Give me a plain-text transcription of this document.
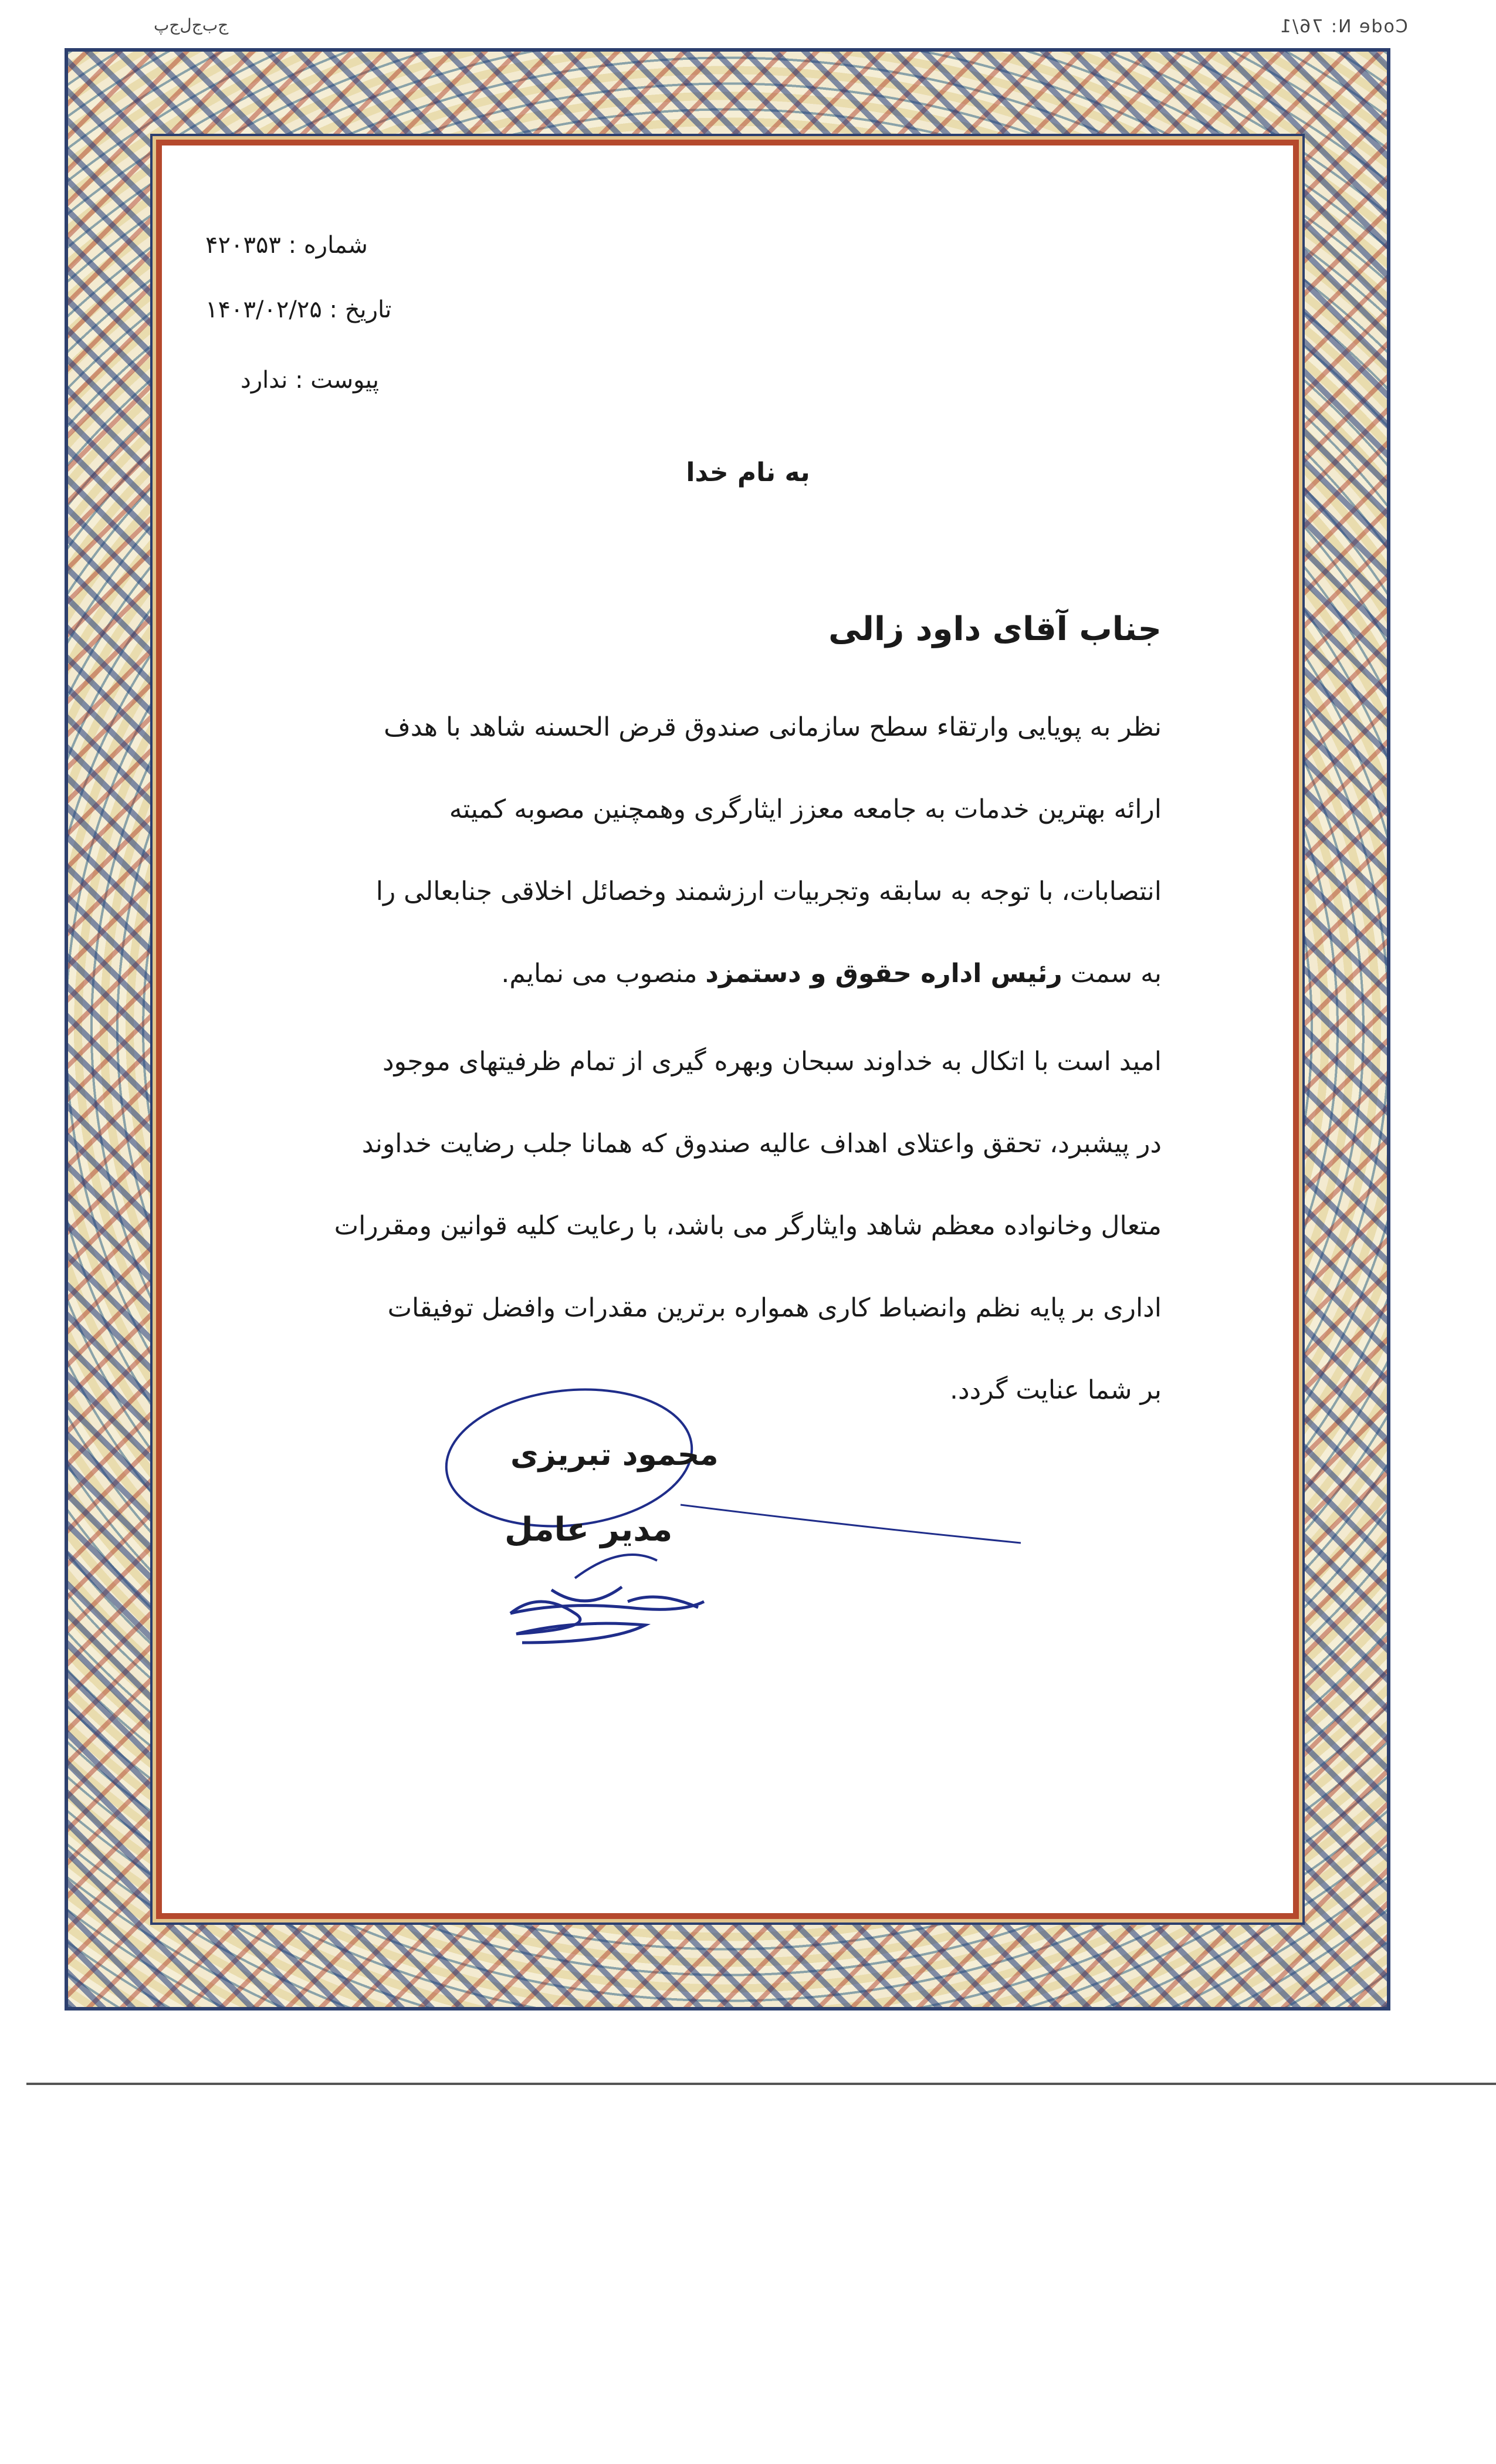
Code N: 76/1
ج‌ب‌ج‌ل‌ج‌پ
شماره : ۴۲۰۳۵۳
تاریخ : ۱۴۰۳/۰۲/۲۵
پیوست : ندارد
به نام خدا
جناب آقای داود زالی

نظر به پویایی وارتقاء سطح سازمانی صندوق قرض الحسنه شاهد با هدف

ارائه بهترین خدمات به جامعه معزز ایثارگری وهمچنین مصوبه کمیته

انتصابات، با توجه به سابقه وتجربیات ارزشمند وخصائل اخلاقی جنابعالی را

به سمت رئیس اداره حقوق و دستمزد منصوب می نمایم.

امید است با اتکال به خداوند سبحان وبهره گیری از تمام ظرفیتهای موجود

در پیشبرد، تحقق واعتلای اهداف عالیه صندوق که همانا جلب رضایت خداوند

متعال وخانواده معظم شاهد وایثارگر می باشد، با رعایت کلیه قوانین ومقررات

اداری بر پایه نظم وانضباط کاری همواره برترین مقدرات وافضل توفیقات

بر شما عنایت گردد.

محمود تبریزی
مدیر عامل
